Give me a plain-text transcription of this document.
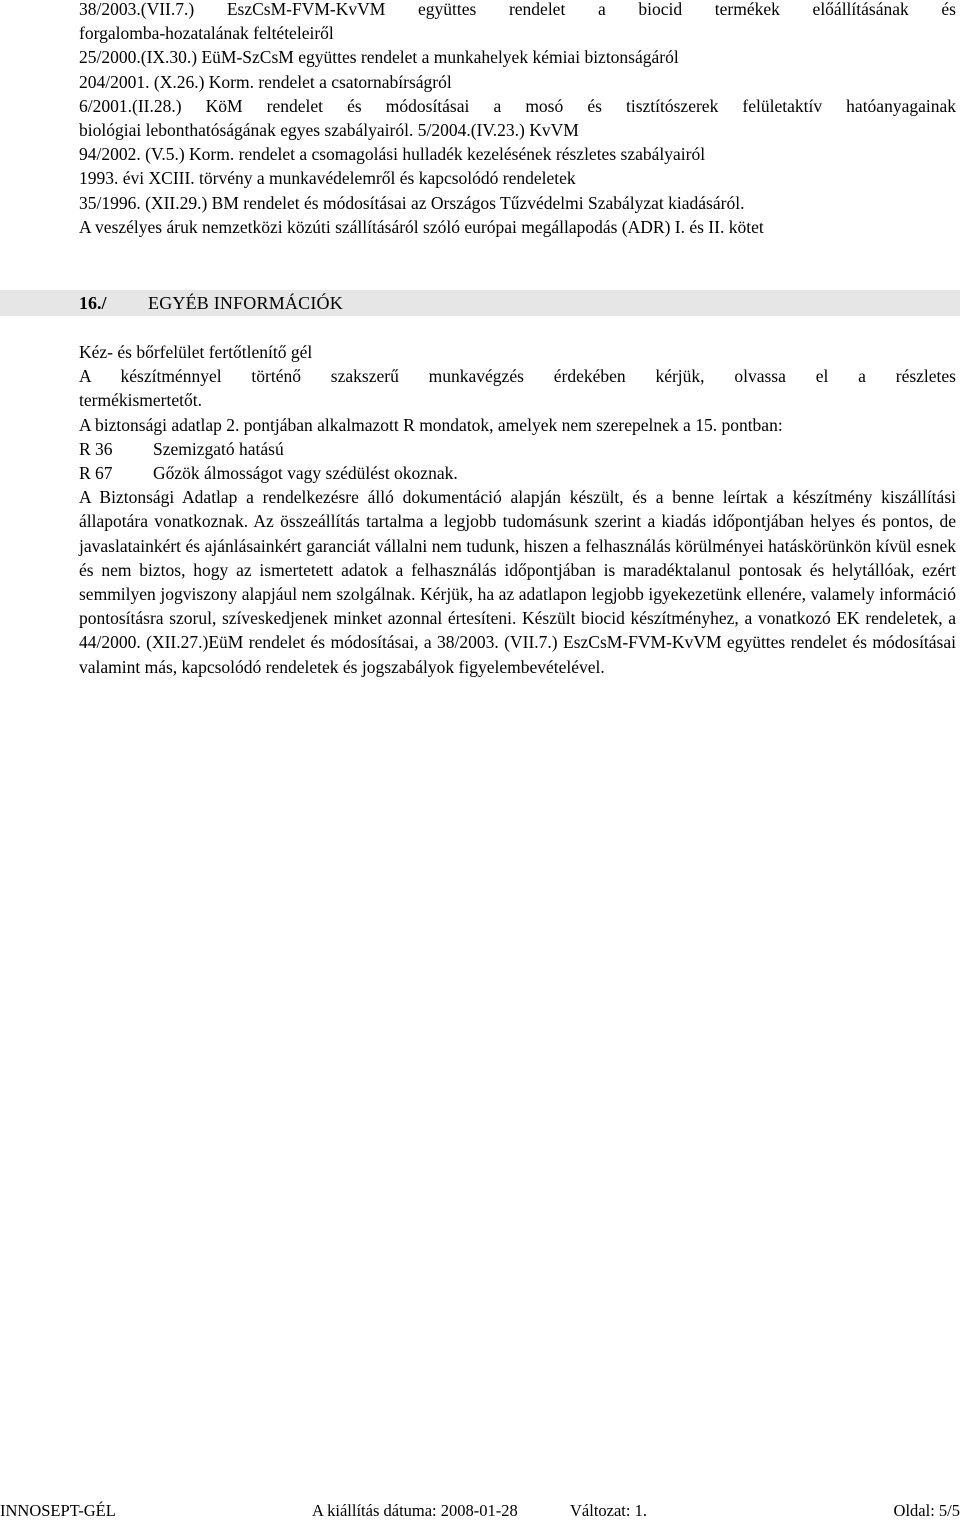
38/2003.(VII.7.) EszCsM-FVM-KvVM együttes rendelet a biocid termékek előállításának és
forgalomba-hozatalának feltételeiről
25/2000.(IX.30.) EüM-SzCsM együttes rendelet a munkahelyek kémiai biztonságáról
204/2001. (X.26.) Korm. rendelet a csatornabírságról
6/2001.(II.28.) KöM rendelet és módosításai a mosó és tisztítószerek felületaktív hatóanyagainak
biológiai lebonthatóságának egyes szabályairól. 5/2004.(IV.23.) KvVM
94/2002. (V.5.) Korm. rendelet a csomagolási hulladék kezelésének részletes szabályairól
1993. évi XCIII. törvény a munkavédelemről és kapcsolódó rendeletek
35/1996. (XII.29.) BM rendelet és módosításai az Országos Tűzvédelmi Szabályzat kiadásáról.
A veszélyes áruk nemzetközi közúti szállításáról szóló európai megállapodás (ADR) I. és II. kötet
16./ EGYÉB INFORMÁCIÓK
Kéz- és bőrfelület fertőtlenítő gél
A készítménnyel történő szakszerű munkavégzés érdekében kérjük, olvassa el a részletes
termékismertetőt.
A biztonsági adatlap 2. pontjában alkalmazott R mondatok, amelyek nem szerepelnek a 15. pontban:
R 36	Szemizgató hatású
R 67	Gőzök álmosságot vagy szédülést okoznak.
A Biztonsági Adatlap a rendelkezésre álló dokumentáció alapján készült, és a benne leírtak a készítmény kiszállítási állapotára vonatkoznak. Az összeállítás tartalma a legjobb tudomásunk szerint a kiadás időpontjában helyes és pontos, de javaslatainkért és ajánlásainkért garanciát vállalni nem tudunk, hiszen a felhasználás körülményei hatáskörünkön kívül esnek és nem biztos, hogy az ismertetett adatok a felhasználás időpontjában is maradéktalanul pontosak és helytállóak, ezért semmilyen jogviszony alapjául nem szolgálnak. Kérjük, ha az adatlapon legjobb igyekezetünk ellenére, valamely információ pontosításra szorul, szíveskedjenek minket azonnal értesíteni. Készült biocid készítményhez, a vonatkozó EK rendeletek, a 44/2000. (XII.27.)EüM rendelet és módosításai, a 38/2003. (VII.7.) EszCsM-FVM-KvVM együttes rendelet és módosításai valamint más, kapcsolódó rendeletek és jogszabályok figyelembevételével.
INNOSEPT-GÉL	A kiállítás dátuma: 2008-01-28	Változat: 1.	Oldal: 5/5
